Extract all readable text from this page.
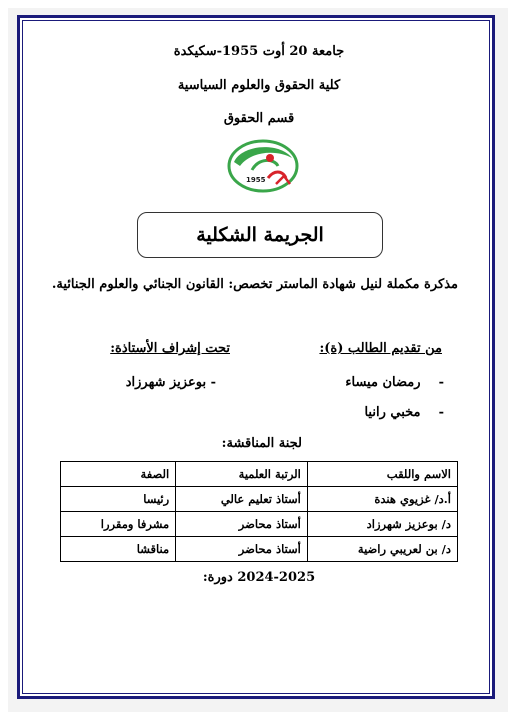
جامعة 20 أوت 1955-سكيكدة
كلية الحقوق والعلوم السياسية
قسم الحقوق
1955
الجريمة الشكلية
مذكرة مكملة لنيل شهادة الماستر تخصص: القانون الجنائي والعلوم الجنائية.
من تقديم الطالب (ة):
تحت إشراف الأستاذة:
-    رمضان ميساء
-    مخبي رانيا
- بوعزيز شهرزاد
لجنة المناقشة:
الاسم واللقب	الرتبة العلمية	الصفة
أ.د/ غزيوي هندة	أستاذ تعليم عالي	رئيسا
د/ بوعزيز شهرزاد	أستاذ محاضر	مشرفا ومقررا
د/ بن لعريبي راضية	أستاذ محاضر	مناقشا
دورة: 2024-2025
